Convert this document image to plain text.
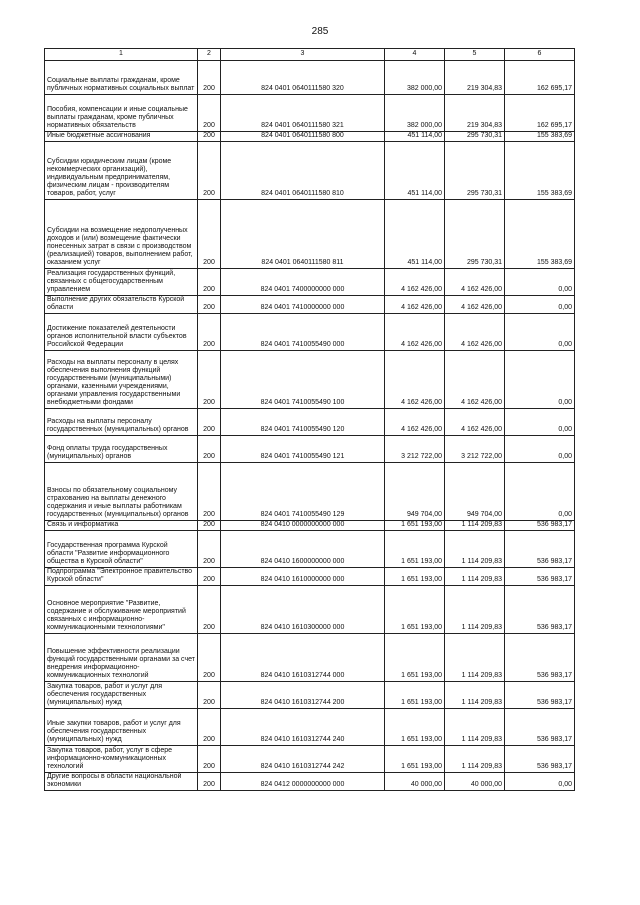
285
1	2	3	4	5	6
Социальные выплаты гражданам, кроме публичных нормативных социальных выплат	200	824 0401 0640111580 320	382 000,00	219 304,83	162 695,17
Пособия, компенсации и иные социальные выплаты гражданам, кроме публичных нормативных обязательств	200	824 0401 0640111580 321	382 000,00	219 304,83	162 695,17
Иные бюджетные ассигнования	200	824 0401 0640111580 800	451 114,00	295 730,31	155 383,69
Субсидии юридическим лицам (кроме некоммерческих организаций), индивидуальным предпринимателям, физическим лицам - производителям товаров, работ, услуг	200	824 0401 0640111580 810	451 114,00	295 730,31	155 383,69
Субсидии на возмещение недополученных доходов и (или) возмещение фактически понесенных затрат в связи с производством (реализацией) товаров, выполнением работ, оказанием услуг	200	824 0401 0640111580 811	451 114,00	295 730,31	155 383,69
Реализация государственных функций, связанных с общегосударственным управлением	200	824 0401 7400000000 000	4 162 426,00	4 162 426,00	0,00
Выполнение других обязательств Курской области	200	824 0401 7410000000 000	4 162 426,00	4 162 426,00	0,00
Достижение показателей деятельности органов исполнительной власти субъектов Российской Федерации	200	824 0401 7410055490 000	4 162 426,00	4 162 426,00	0,00
Расходы на выплаты персоналу в целях обеспечения выполнения функций государственными (муниципальными) органами, казенными учреждениями, органами управления государственными внебюджетными фондами	200	824 0401 7410055490 100	4 162 426,00	4 162 426,00	0,00
Расходы на выплаты персоналу государственных (муниципальных) органов	200	824 0401 7410055490 120	4 162 426,00	4 162 426,00	0,00
Фонд оплаты труда государственных (муниципальных) органов	200	824 0401 7410055490 121	3 212 722,00	3 212 722,00	0,00
Взносы по обязательному социальному страхованию на выплаты денежного содержания и иные выплаты работникам государственных (муниципальных) органов	200	824 0401 7410055490 129	949 704,00	949 704,00	0,00
Связь и информатика	200	824 0410 0000000000 000	1 651 193,00	1 114 209,83	536 983,17
Государственная программа Курской области "Развитие информационного общества в Курской области"	200	824 0410 1600000000 000	1 651 193,00	1 114 209,83	536 983,17
Подпрограмма "Электронное правительство Курской области"	200	824 0410 1610000000 000	1 651 193,00	1 114 209,83	536 983,17
Основное мероприятие "Развитие, содержание и обслуживание мероприятий связанных с информационно-коммуникационными технологиями"	200	824 0410 1610300000 000	1 651 193,00	1 114 209,83	536 983,17
Повышение эффективности реализации функций государственными органами за счет внедрения информационно-коммуникационных технологий	200	824 0410 1610312744 000	1 651 193,00	1 114 209,83	536 983,17
Закупка товаров, работ и услуг для обеспечения государственных (муниципальных) нужд	200	824 0410 1610312744 200	1 651 193,00	1 114 209,83	536 983,17
Иные закупки товаров, работ и услуг для обеспечения государственных (муниципальных) нужд	200	824 0410 1610312744 240	1 651 193,00	1 114 209,83	536 983,17
Закупка товаров, работ, услуг в сфере информационно-коммуникационных технологий	200	824 0410 1610312744 242	1 651 193,00	1 114 209,83	536 983,17
Другие вопросы в области национальной экономики	200	824 0412 0000000000 000	40 000,00	40 000,00	0,00
